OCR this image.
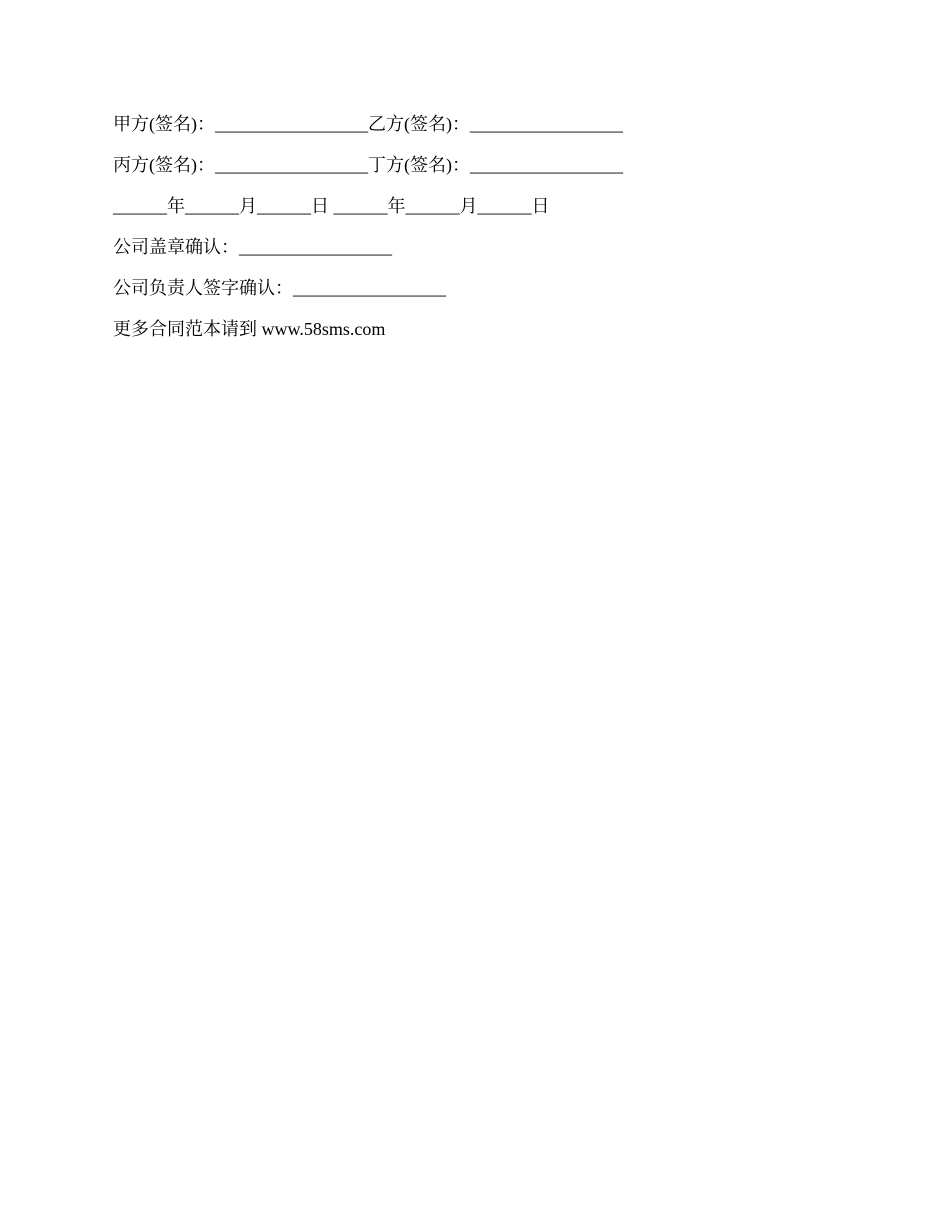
甲方(签名)：_________________乙方(签名)：_________________
丙方(签名)：_________________丁方(签名)：_________________
______年______月______日 ______年______月______日
公司盖章确认：_________________
公司负责人签字确认：_________________
更多合同范本请到 www.58sms.com
